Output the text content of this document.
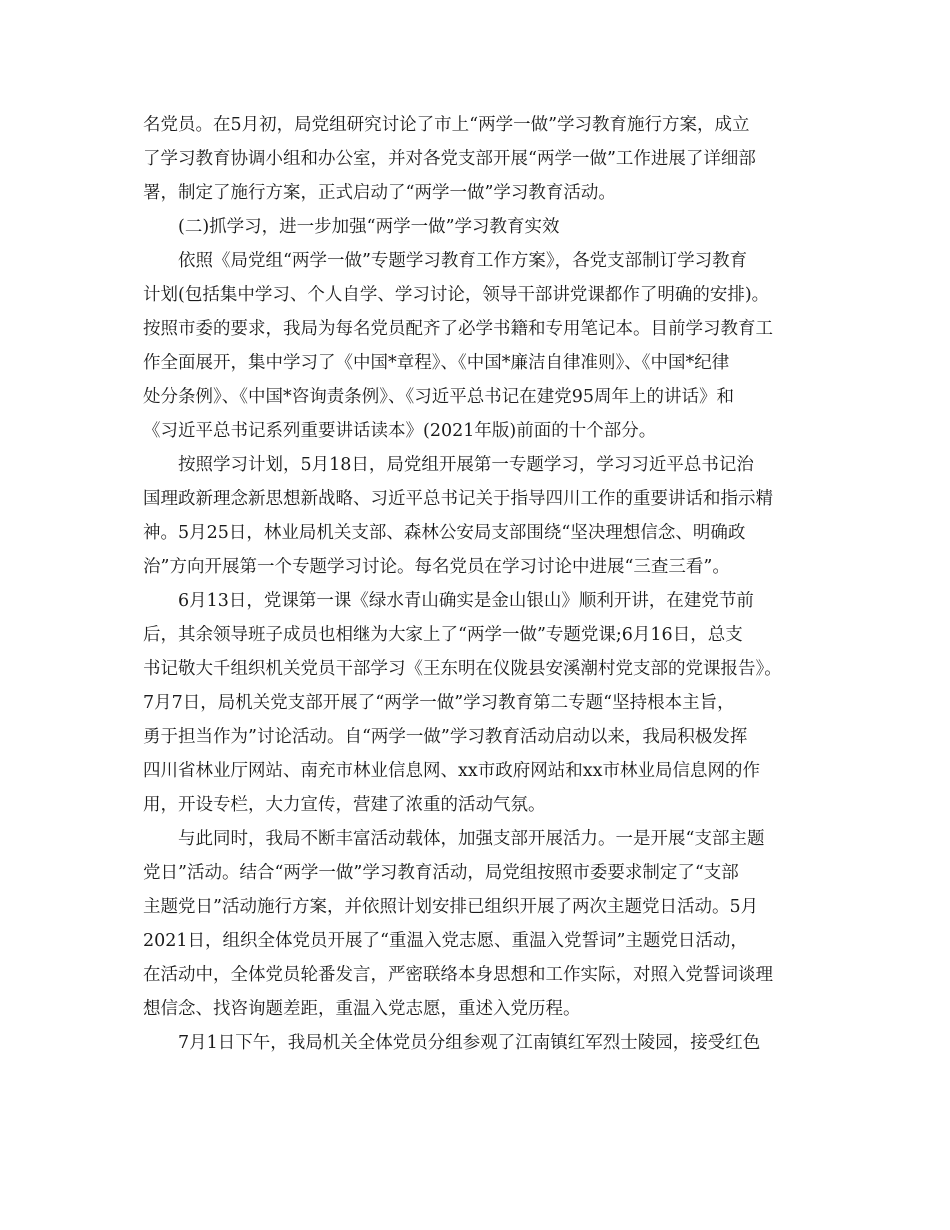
名党员。在5月初，局党组研究讨论了市上“两学一做”学习教育施行方案，成立
了学习教育协调小组和办公室，并对各党支部开展“两学一做”工作进展了详细部
署，制定了施行方案，正式启动了“两学一做”学习教育活动。
(二)抓学习，进一步加强“两学一做”学习教育实效
依照《局党组“两学一做”专题学习教育工作方案》，各党支部制订学习教育
计划(包括集中学习、个人自学、学习讨论，领导干部讲党课都作了明确的安排)。
按照市委的要求，我局为每名党员配齐了必学书籍和专用笔记本。目前学习教育工
作全面展开，集中学习了《中国*章程》、《中国*廉洁自律准则》、《中国*纪律
处分条例》、《中国*咨询责条例》、《习近平总书记在建党95周年上的讲话》和
《习近平总书记系列重要讲话读本》(2021年版)前面的十个部分。
按照学习计划，5月18日，局党组开展第一专题学习，学习习近平总书记治
国理政新理念新思想新战略、习近平总书记关于指导四川工作的重要讲话和指示精
神。5月25日，林业局机关支部、森林公安局支部围绕“坚决理想信念、明确政
治”方向开展第一个专题学习讨论。每名党员在学习讨论中进展“三查三看”。
6月13日，党课第一课《绿水青山确实是金山银山》顺利开讲，在建党节前
后，其余领导班子成员也相继为大家上了“两学一做”专题党课;6月16日，总支
书记敬大千组织机关党员干部学习《王东明在仪陇县安溪潮村党支部的党课报告》。
7月7日，局机关党支部开展了“两学一做”学习教育第二专题“坚持根本主旨，
勇于担当作为”讨论活动。自“两学一做”学习教育活动启动以来，我局积极发挥
四川省林业厅网站、南充市林业信息网、xx市政府网站和xx市林业局信息网的作
用，开设专栏，大力宣传，营建了浓重的活动气氛。
与此同时，我局不断丰富活动载体，加强支部开展活力。一是开展“支部主题
党日”活动。结合“两学一做”学习教育活动，局党组按照市委要求制定了“支部
主题党日”活动施行方案，并依照计划安排已组织开展了两次主题党日活动。5月
2021日，组织全体党员开展了“重温入党志愿、重温入党誓词”主题党日活动，
在活动中，全体党员轮番发言，严密联络本身思想和工作实际，对照入党誓词谈理
想信念、找咨询题差距，重温入党志愿，重述入党历程。
7月1日下午，我局机关全体党员分组参观了江南镇红军烈士陵园，接受红色
